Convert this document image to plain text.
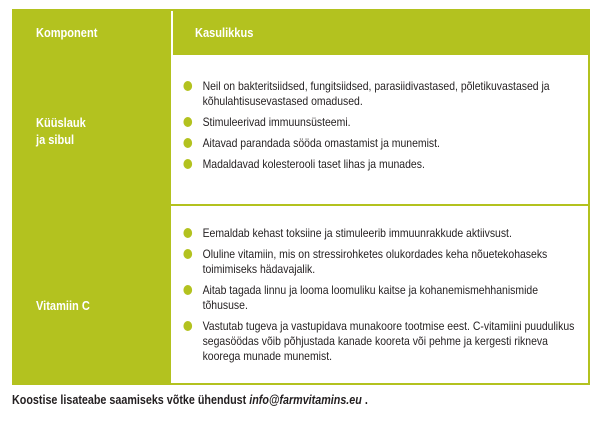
Komponent	Kasulikkus
Küüslauk
ja sibul
Neil on bakteritsiidsed, fungitsiidsed, parasiidivastased, põletikuvastased ja kõhulahtisusevastased omadused.
Stimuleerivad immuunsüsteemi.
Aitavad parandada sööda omastamist ja munemist.
Madaldavad kolesterooli taset lihas ja munades.
Vitamiin C
Eemaldab kehast toksiine ja stimuleerib immuunrakkude aktiivsust.
Oluline vitamiin, mis on stressirohketes olukordades keha nõuetekohaseks toimimiseks hädavajalik.
Aitab tagada linnu ja looma loomuliku kaitse ja kohanemismehhanismide tõhususe.
Vastutab tugeva ja vastupidava munakoore tootmise eest. C-vitamiini puudulikus segasöödas võib põhjustada kanade kooreta või pehme ja kergesti rikneva koorega munade munemist.
Koostise lisateabe saamiseks võtke ühendust info@farmvitamins.eu .
